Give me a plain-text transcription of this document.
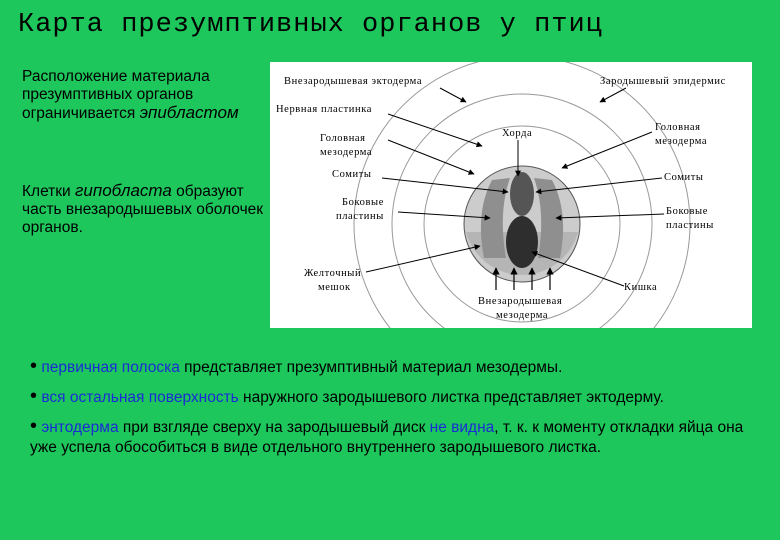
Карта презумптивных органов у птиц
Расположение материала презумптивных органов ограничивается эпибластом
Клетки гипобласта образуют часть внезародышевых оболочек органов.
Внезародышевая эктодерма	Зародышевый эпидермис
Нервная пластинка
Головная
мезодерма
Хорда
Головная
мезодерма
Сомиты	Сомиты
Боковые
пластины	Боковые
пластины
Желточный
мешок	Кишка
Внезародышевая
мезодерма

• первичная полоска представляет презумптивный материал мезодермы.

• вся остальная поверхность наружного зародышевого листка представляет эктодерму.

• энтодерма при взгляде сверху на зародышевый диск не видна, т. к. к моменту откладки яйца она уже успела обособиться в виде отдельного внутреннего зародышевого листка.
